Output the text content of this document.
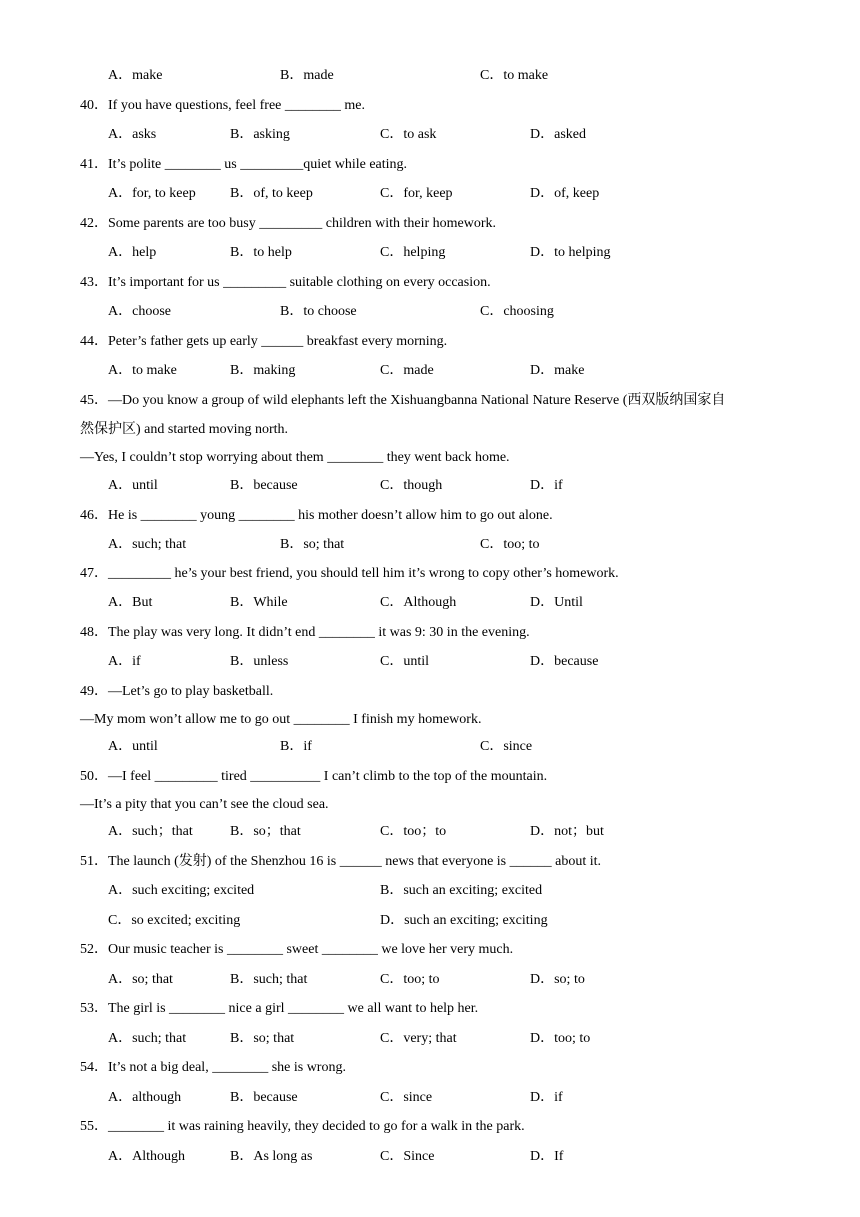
A．make	B．made	C．to make
40．If you have questions, feel free ________ me.
A．asks	B．asking	C．to ask	D．asked
41．It’s polite ________ us _________quiet while eating.
A．for, to keep B．of, to keep	C．for, keep	D．of, keep
42．Some parents are too busy _________ children with their homework.
A．help	B．to help	C．helping	D．to helping
43．It’s important for us _________ suitable clothing on every occasion.
A．choose	B．to choose	C．choosing
44．Peter’s father gets up early ______ breakfast every morning.
A．to make	B．making	C．made	D．make
45．—Do you know a group of wild elephants left the Xishuangbanna National Nature Reserve (西双版纳国家自
然保护区) and started moving north.
—Yes, I couldn’t stop worrying about them ________ they went back home.
A．until	B．because	C．though	D．if
46．He is ________ young ________ his mother doesn’t allow him to go out alone.
A．such; that	B．so; that	C．too; to
47．_________ he’s your best friend, you should tell him it’s wrong to copy other’s homework.
A．But	B．While	C．Although	D．Until
48．The play was very long. It didn’t end ________ it was 9: 30 in the evening.
A．if	B．unless	C．until	D．because
49．—Let’s go to play basketball.
—My mom won’t allow me to go out ________ I finish my homework.
A．until	B．if	C．since
50．—I feel _________ tired __________ I can’t climb to the top of the mountain.
—It’s a pity that you can’t see the cloud sea.
A．such；that	B．so；that	C．too；to	D．not；but
51．The launch (发射) of the Shenzhou 16 is ______ news that everyone is ______ about it.
A．such exciting; excited	B．such an exciting; excited
C．so excited; exciting	D．such an exciting; exciting
52．Our music teacher is ________ sweet ________ we love her very much.
A．so; that	B．such; that	C．too; to	D．so; to
53．The girl is ________ nice a girl ________ we all want to help her.
A．such; that	B．so; that	C．very; that	D．too; to
54．It’s not a big deal, ________ she is wrong.
A．although	B．because	C．since	D．if
55．________ it was raining heavily, they decided to go for a walk in the park.
A．Although	B．As long as	C．Since	D．If
